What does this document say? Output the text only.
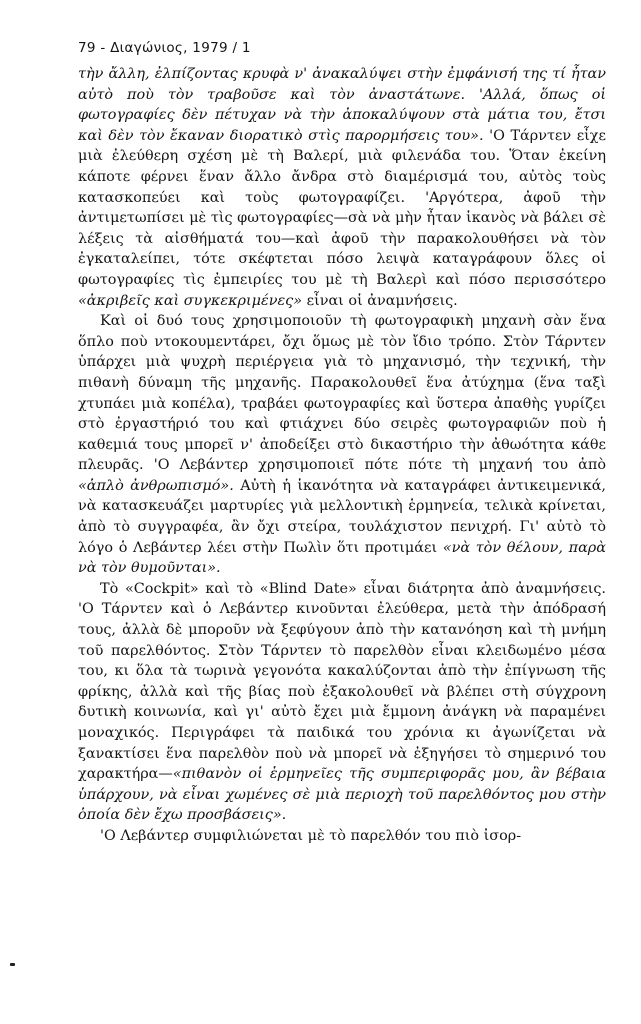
79 - Διαγώνιος, 1979 / 1

τὴν ἄλλη, ἐλπίζοντας κρυφὰ ν' ἀνακαλύψει στὴν ἐμφάνισή της τί ἦταν αὐτὸ ποὺ τὸν τραβοῦσε καὶ τὸν ἀναστάτωνε. 'Αλλά, ὅπως οἱ φωτογραφίες δὲν πέτυχαν νὰ τὴν ἀποκαλύψουν στὰ μάτια του, ἔτσι καὶ δὲν τὸν ἔκαναν διορατικὸ στὶς παρορμήσεις του». 'Ο Τάρντεν εἶχε μιὰ ἐλεύθερη σχέση μὲ τὴ Βαλερί, μιὰ φιλενάδα του. Ὅταν ἐκείνη κάποτε φέρνει ἕναν ἄλλο ἄνδρα στὸ διαμέρισμά του, αὐτὸς τοὺς κατασκοπεύει καὶ τοὺς φωτογραφίζει. 'Αργότερα, ἀφοῦ τὴν ἀντιμετωπίσει μὲ τὶς φωτογραφίες—σὰ νὰ μὴν ἦταν ἱκανὸς νὰ βάλει σὲ λέξεις τὰ αἰσθήματά του—καὶ ἀφοῦ τὴν παρακολουθήσει νὰ τὸν ἐγκαταλείπει, τότε σκέφτεται πόσο λειψὰ καταγράφουν ὅλες οἱ φωτογραφίες τὶς ἐμπειρίες του μὲ τὴ Βαλερὶ καὶ πόσο περισσότερο «ἀκριβεῖς καὶ συγκεκριμένες» εἶναι οἱ ἀναμνήσεις.

Καὶ οἱ δυό τους χρησιμοποιοῦν τὴ φωτογραφικὴ μηχανὴ σὰν ἕνα ὅπλο ποὺ ντοκουμεντάρει, ὄχι ὅμως μὲ τὸν ἴδιο τρόπο. Στὸν Τάρντεν ὑπάρχει μιὰ ψυχρὴ περιέργεια γιὰ τὸ μηχανισμό, τὴν τεχνική, τὴν πιθανὴ δύναμη τῆς μηχανῆς. Παρακολουθεῖ ἕνα ἀτύχημα (ἕνα ταξὶ χτυπάει μιὰ κοπέλα), τραβάει φωτογραφίες καὶ ὕστερα ἀπαθὴς γυρίζει στὸ ἐργαστήριό του καὶ φτιάχνει δύο σειρὲς φωτογραφιῶν ποὺ ἡ καθεμιά τους μπορεῖ ν' ἀποδείξει στὸ δικαστήριο τὴν ἀθωότητα κάθε πλευρᾶς. 'Ο Λεβάντερ χρησιμοποιεῖ πότε πότε τὴ μηχανή του ἀπὸ «ἁπλὸ ἀνθρωπισμό». Αὐτὴ ἡ ἱκανότητα νὰ καταγράφει ἀντικειμενικά, νὰ κατασκευάζει μαρτυρίες γιὰ μελλοντικὴ ἑρμηνεία, τελικὰ κρίνεται, ἀπὸ τὸ συγγραφέα, ἂν ὄχι στείρα, τουλάχιστον πενιχρή. Γι' αὐτὸ τὸ λόγο ὁ Λεβάντερ λέει στὴν Πωλὶν ὅτι προτιμάει «νὰ τὸν θέλουν, παρὰ νὰ τὸν θυμοῦνται».

Τὸ «Cockpit» καὶ τὸ «Blind Date» εἶναι διάτρητα ἀπὸ ἀναμνήσεις. 'Ο Τάρντεν καὶ ὁ Λεβάντερ κινοῦνται ἐλεύθερα, μετὰ τὴν ἀπόδρασή τους, ἀλλὰ δὲ μποροῦν νὰ ξεφύγουν ἀπὸ τὴν κατανόηση καὶ τὴ μνήμη τοῦ παρελθόντος. Στὸν Τάρντεν τὸ παρελθὸν εἶναι κλειδωμένο μέσα του, κι ὅλα τὰ τωρινὰ γεγονότα κακαλύζονται ἀπὸ τὴν ἐπίγνωση τῆς φρίκης, ἀλλὰ καὶ τῆς βίας ποὺ ἐξακολουθεῖ νὰ βλέπει στὴ σύγχρονη δυτικὴ κοινωνία, καὶ γι' αὐτὸ ἔχει μιὰ ἔμμονη ἀνάγκη νὰ παραμένει μοναχικός. Περιγράφει τὰ παιδικά του χρόνια κι ἀγωνίζεται νὰ ξανακτίσει ἕνα παρελθὸν ποὺ νὰ μπορεῖ νὰ ἐξηγήσει τὸ σημερινό του χαρακτήρα—«πιθανὸν οἱ ἑρμηνεῖες τῆς συμπεριφορᾶς μου, ἂν βέβαια ὑπάρχουν, νὰ εἶναι χωμένες σὲ μιὰ περιοχὴ τοῦ παρελθόντος μου στὴν ὁποία δὲν ἔχω προσβάσεις».

'Ο Λεβάντερ συμφιλιώνεται μὲ τὸ παρελθόν του πιὸ ἰσορ-
